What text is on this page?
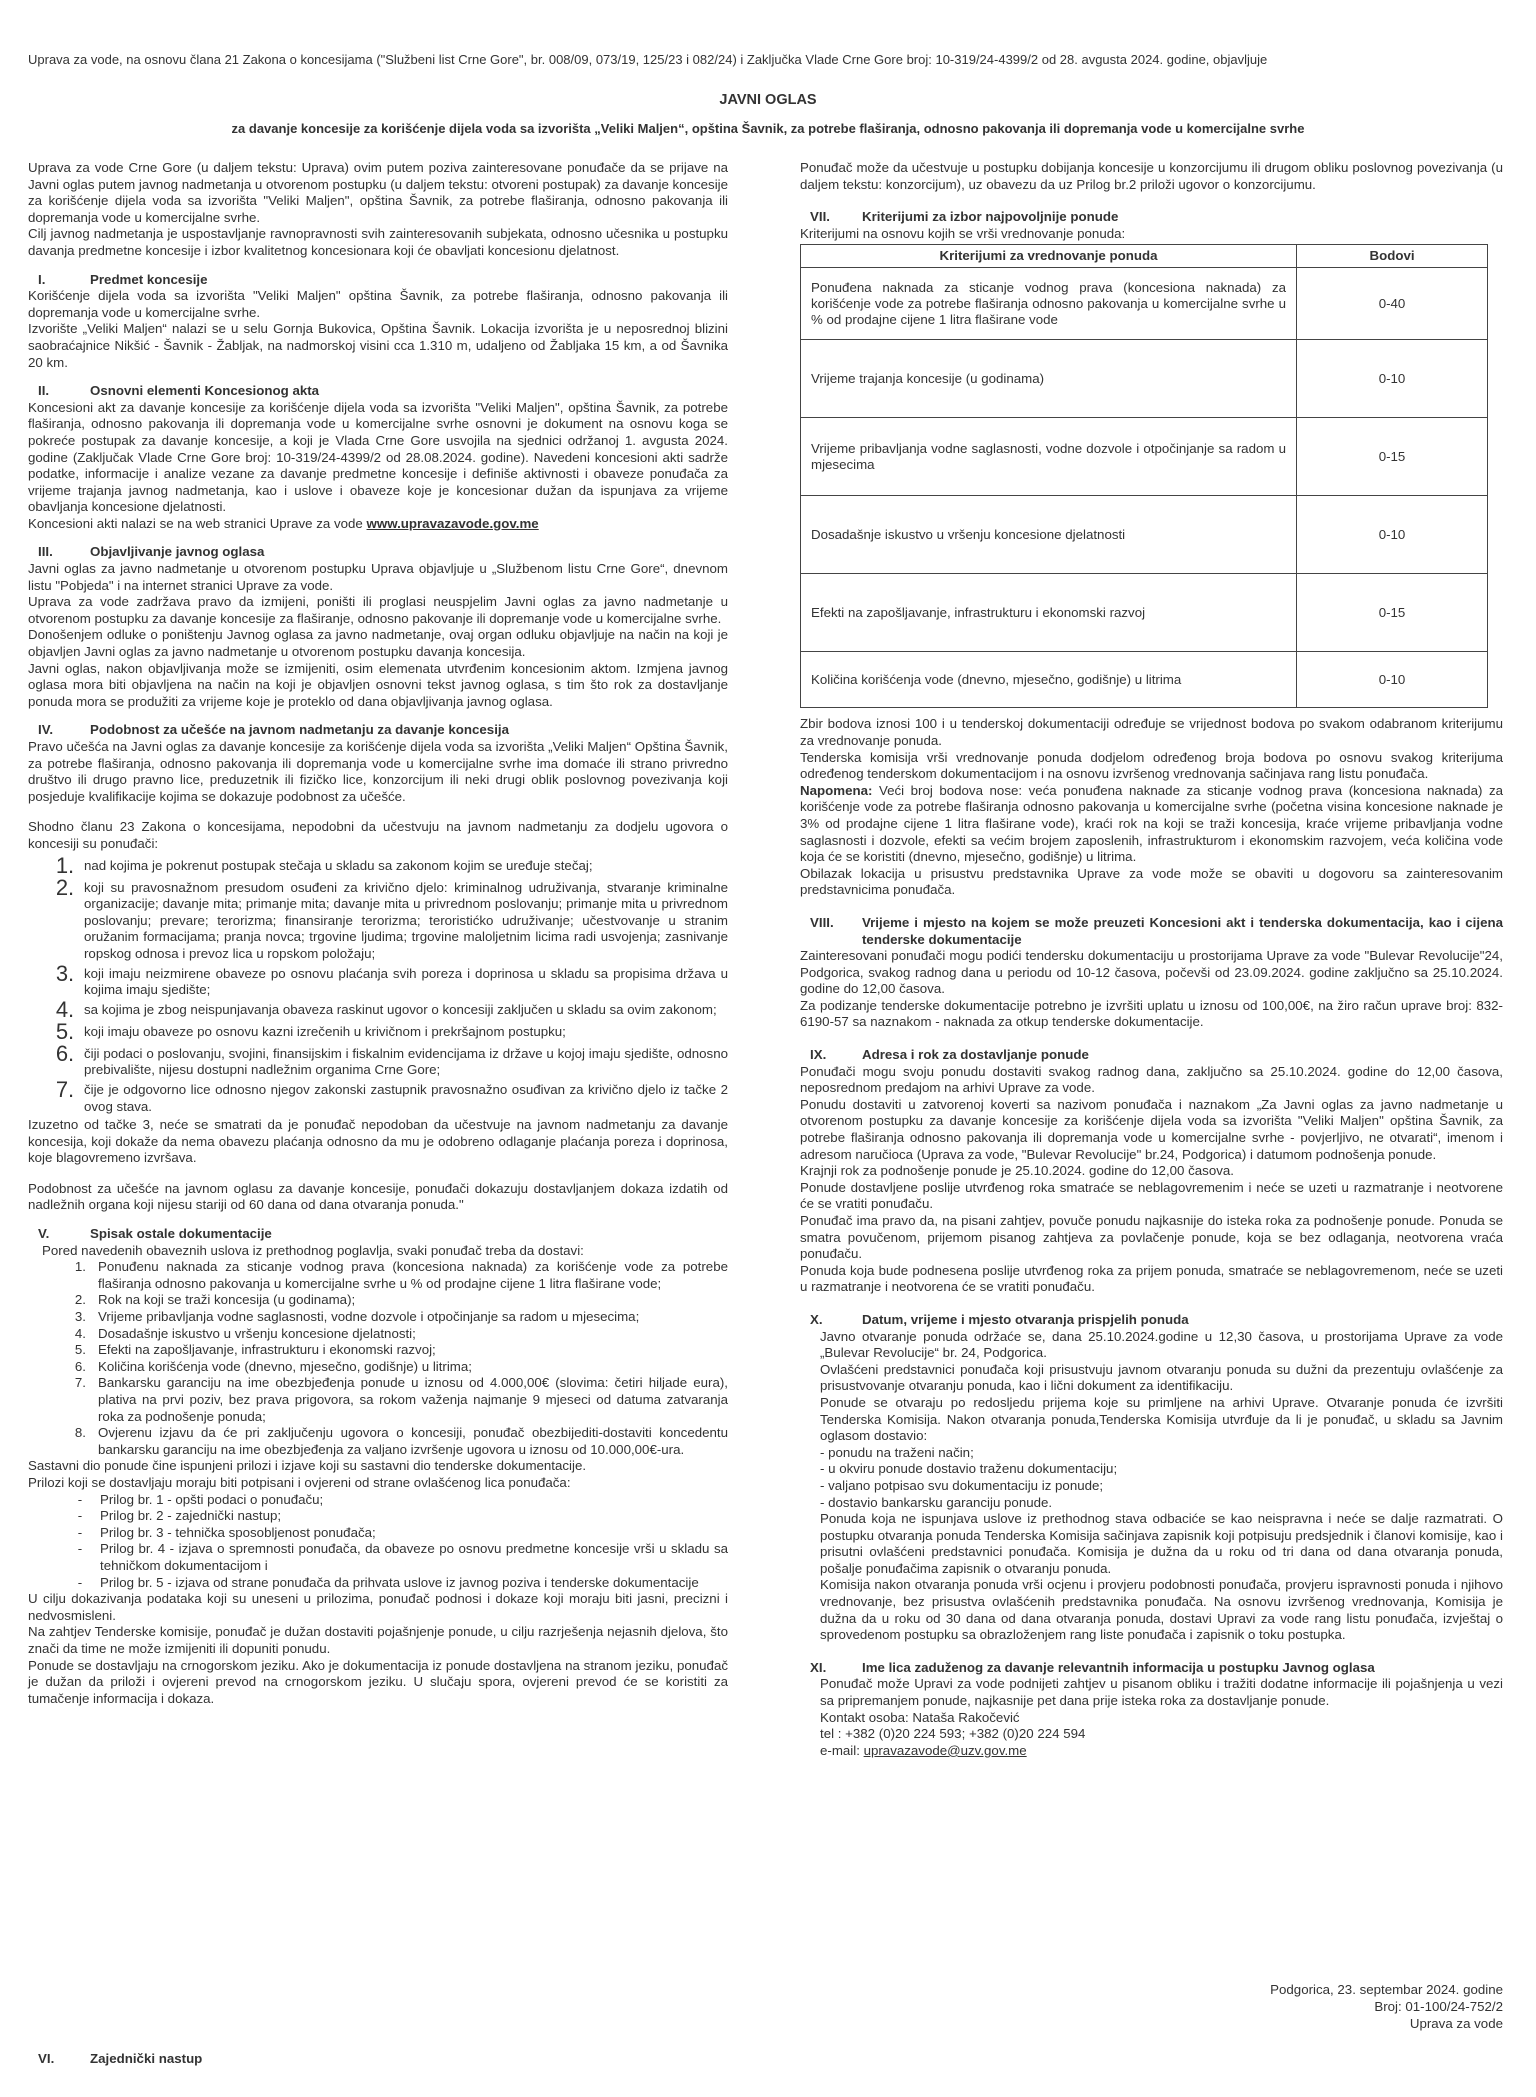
Uprava za vode, na osnovu člana 21 Zakona o koncesijama ("Službeni list Crne Gore", br. 008/09, 073/19, 125/23 i 082/24) i Zaključka Vlade Crne Gore broj: 10-319/24-4399/2 od 28. avgusta 2024. godine, objavljuje

JAVNI OGLAS
za davanje koncesije za korišćenje dijela voda sa izvorišta „Veliki Maljen“, opština Šavnik, za potrebe flaširanja, odnosno pakovanja ili dopremanja vode u komercijalne svrhe

Uprava za vode Crne Gore (u daljem tekstu: Uprava) ovim putem poziva zainteresovane ponuđače da se prijave na Javni oglas putem javnog nadmetanja u otvorenom postupku (u daljem tekstu: otvoreni postupak) za davanje koncesije za korišćenje dijela voda sa izvorišta "Veliki Maljen", opština Šavnik, za potrebe flaširanja, odnosno pakovanja ili dopremanja vode u komercijalne svrhe.

Cilj javnog nadmetanja je uspostavljanje ravnopravnosti svih zainteresovanih subjekata, odnosno učesnika u postupku davanja predmetne koncesije i izbor kvalitetnog koncesionara koji će obavljati koncesionu djelatnost.

I.	Predmet koncesije

Korišćenje dijela voda sa izvorišta "Veliki Maljen" opština Šavnik, za potrebe flaširanja, odnosno pakovanja ili dopremanja vode u komercijalne svrhe.

Izvorište „Veliki Maljen“ nalazi se u selu Gornja Bukovica, Opština Šavnik. Lokacija izvorišta je u neposrednoj blizini saobraćajnice Nikšić - Šavnik - Žabljak, na nadmorskoj visini cca 1.310 m, udaljeno od Žabljaka 15 km, a od Šavnika 20 km.

II.	Osnovni elementi Koncesionog akta

Koncesioni akt za davanje koncesije za korišćenje dijela voda sa izvorišta "Veliki Maljen", opština Šavnik, za potrebe flaširanja, odnosno pakovanja ili dopremanja vode u komercijalne svrhe osnovni je dokument na osnovu koga se pokreće postupak za davanje koncesije, a koji je Vlada Crne Gore usvojila na sjednici održanoj 1. avgusta 2024. godine (Zaključak Vlade Crne Gore broj: 10-319/24-4399/2 od 28.08.2024. godine). Navedeni koncesioni akti sadrže podatke, informacije i analize vezane za davanje predmetne koncesije i definiše aktivnosti i obaveze ponuđača za vrijeme trajanja javnog nadmetanja, kao i uslove i obaveze koje je koncesionar dužan da ispunjava za vrijeme obavljanja koncesione djelatnosti.

Koncesioni akti nalazi se na web stranici Uprave za vode www.upravazavode.gov.me

III.	Objavljivanje javnog oglasa

Javni oglas za javno nadmetanje u otvorenom postupku Uprava objavljuje u „Službenom listu Crne Gore“, dnevnom listu "Pobjeda" i na internet stranici Uprave za vode.

Uprava za vode zadržava pravo da izmijeni, poništi ili proglasi neuspjelim Javni oglas za javno nadmetanje u otvorenom postupku za davanje koncesije za flaširanje, odnosno pakovanje ili dopremanje vode u komercijalne svrhe.

Donošenjem odluke o poništenju Javnog oglasa za javno nadmetanje, ovaj organ odluku objavljuje na način na koji je objavljen Javni oglas za javno nadmetanje u otvorenom postupku davanja koncesija.

Javni oglas, nakon objavljivanja može se izmijeniti, osim elemenata utvrđenim koncesionim aktom. Izmjena javnog oglasa mora biti objavljena na način na koji je objavljen osnovni tekst javnog oglasa, s tim što rok za dostavljanje ponuda mora se produžiti za vrijeme koje je proteklo od dana objavljivanja javnog oglasa.

IV.	Podobnost za učešće na javnom nadmetanju za davanje koncesija

Pravo učešća na Javni oglas za davanje koncesije za korišćenje dijela voda sa izvorišta „Veliki Maljen“ Opština Šavnik, za potrebe flaširanja, odnosno pakovanja ili dopremanja vode u komercijalne svrhe ima domaće ili strano privredno društvo ili drugo pravno lice, preduzetnik ili fizičko lice, konzorcijum ili neki drugi oblik poslovnog povezivanja koji posjeduje kvalifikacije kojima se dokazuje podobnost za učešće.

Shodno članu 23 Zakona o koncesijama, nepodobni da učestvuju na javnom nadmetanju za dodjelu ugovora o koncesiji su ponuđači:

1. nad kojima je pokrenut postupak stečaja u skladu sa zakonom kojim se uređuje stečaj;
2. koji su pravosnažnom presudom osuđeni za krivično djelo: kriminalnog udruživanja, stvaranje kriminalne organizacije; davanje mita; primanje mita; davanje mita u privrednom poslovanju; primanje mita u privrednom poslovanju; prevare; terorizma; finansiranje terorizma; teroristićko udruživanje; učestvovanje u stranim oružanim formacijama; pranja novca; trgovine ljudima; trgovine maloljetnim licima radi usvojenja; zasnivanje ropskog odnosa i prevoz lica u ropskom položaju;
3. koji imaju neizmirene obaveze po osnovu plaćanja svih poreza i doprinosa u skladu sa propisima država u kojima imaju sjedište;
4. sa kojima je zbog neispunjavanja obaveza raskinut ugovor o koncesiji zaključen u skladu sa ovim zakonom;
5. koji imaju obaveze po osnovu kazni izrečenih u krivičnom i prekršajnom postupku;
6. čiji podaci o poslovanju, svojini, finansijskim i fiskalnim evidencijama iz države u kojoj imaju sjedište, odnosno prebivalište, nijesu dostupni nadležnim organima Crne Gore;
7. čije je odgovorno lice odnosno njegov zakonski zastupnik pravosnažno osuđivan za krivično djelo iz tačke 2 ovog stava.

Izuzetno od tačke 3, neće se smatrati da je ponuđač nepodoban da učestvuje na javnom nadmetanju za davanje koncesija, koji dokaže da nema obavezu plaćanja odnosno da mu je odobreno odlaganje plaćanja poreza i doprinosa, koje blagovremeno izvršava.

Podobnost za učešće na javnom oglasu za davanje koncesije, ponuđači dokazuju dostavljanjem dokaza izdatih od nadležnih organa koji nijesu stariji od 60 dana od dana otvaranja ponuda."

V.	Spisak ostale dokumentacije

Pored navedenih obaveznih uslova iz prethodnog poglavlja, svaki ponuđač treba da dostavi:

1. Ponuđenu naknada za sticanje vodnog prava (koncesiona naknada) za korišćenje vode za potrebe flaširanja odnosno pakovanja u komercijalne svrhe u % od prodajne cijene 1 litra flaširane vode;
2. Rok na koji se traži koncesija (u godinama);
3. Vrijeme pribavljanja vodne saglasnosti, vodne dozvole i otpočinjanje sa radom u mjesecima;
4. Dosadašnje iskustvo u vršenju koncesione djelatnosti;
5. Efekti na zapošljavanje, infrastrukturu i ekonomski razvoj;
6. Količina korišćenja vode (dnevno, mjesečno, godišnje) u litrima;
7. Bankarsku garanciju na ime obezbjeđenja ponude u iznosu od 4.000,00€ (slovima: četiri hiljade eura), plativa na prvi poziv, bez prava prigovora, sa rokom važenja najmanje 9 mjeseci od datuma zatvaranja roka za podnošenje ponuda;
8. Ovjerenu izjavu da će pri zaključenju ugovora o koncesiji, ponuđač obezbijediti-dostaviti koncedentu bankarsku garanciju na ime obezbjeđenja za valjano izvršenje ugovora u iznosu od 10.000,00€-ura.

Sastavni dio ponude čine ispunjeni prilozi i izjave koji su sastavni dio tenderske dokumentacije.

Prilozi koji se dostavljaju moraju biti potpisani i ovjereni od strane ovlašćenog lica ponuđača:

-	Prilog br. 1 - opšti podaci o ponuđaču;
-	Prilog br. 2 - zajednički nastup;
-	Prilog br. 3 - tehnička sposobljenost ponuđača;
-	Prilog br. 4 - izjava o spremnosti ponuđača, da obaveze po osnovu predmetne koncesije vrši u skladu sa tehničkom dokumentacijom i
-	Prilog br. 5 - izjava od strane ponuđača da prihvata uslove iz javnog poziva i tenderske dokumentacije

U cilju dokazivanja podataka koji su uneseni u prilozima, ponuđač podnosi i dokaze koji moraju biti jasni, precizni i nedvosmisleni.

Na zahtjev Tenderske komisije, ponuđač je dužan dostaviti pojašnjenje ponude, u cilju razrješenja nejasnih djelova, što znači da time ne može izmijeniti ili dopuniti ponudu.

Ponude se dostavljaju na crnogorskom jeziku. Ako je dokumentacija iz ponude dostavljena na stranom jeziku, ponuđač je dužan da priloži i ovjereni prevod na crnogorskom jeziku. U slučaju spora, ovjereni prevod će se koristiti za tumačenje informacija i dokaza.

VI.	Zajednički nastup

Ponuđač može da učestvuje u postupku dobijanja koncesije u konzorcijumu ili drugom obliku poslovnog povezivanja (u daljem tekstu: konzorcijum), uz obavezu da uz Prilog br.2 priloži ugovor o konzorcijumu.

VII.	Kriterijumi za izbor najpovoljnije ponude

Kriterijumi na osnovu kojih se vrši vrednovanje ponuda:

Kriterijumi za vrednovanje ponuda	Bodovi
Ponuđena naknada za sticanje vodnog prava (koncesiona naknada) za korišćenje vode za potrebe flaširanja odnosno pakovanja u komercijalne svrhe u % od prodajne cijene 1 litra flaširane vode	0-40
Vrijeme trajanja koncesije (u godinama)	0-10
Vrijeme pribavljanja vodne saglasnosti, vodne dozvole i otpočinjanje sa radom u mjesecima	0-15
Dosadašnje iskustvo u vršenju koncesione djelatnosti	0-10
Efekti na zapošljavanje, infrastrukturu i ekonomski razvoj	0-15
Količina korišćenja vode (dnevno, mjesečno, godišnje) u litrima	0-10

Zbir bodova iznosi 100 i u tenderskoj dokumentaciji određuje se vrijednost bodova po svakom odabranom kriterijumu za vrednovanje ponuda.

Tenderska komisija vrši vrednovanje ponuda dodjelom određenog broja bodova po osnovu svakog kriterijuma određenog tenderskom dokumentacijom i na osnovu izvršenog vrednovanja sačinjava rang listu ponuđača.

Napomena: Veći broj bodova nose: veća ponuđena naknade za sticanje vodnog prava (koncesiona naknada) za korišćenje vode za potrebe flaširanja odnosno pakovanja u komercijalne svrhe (početna visina koncesione naknade je 3% od prodajne cijene 1 litra flaširane vode), kraći rok na koji se traži koncesija, kraće vrijeme pribavljanja vodne saglasnosti i dozvole, efekti sa većim brojem zaposlenih, infrastrukturom i ekonomskim razvojem, veća količina vode koja će se koristiti (dnevno, mjesečno, godišnje) u litrima.

Obilazak lokacija u prisustvu predstavnika Uprave za vode može se obaviti u dogovoru sa zainteresovanim predstavnicima ponuđača.

VIII.	Vrijeme i mjesto na kojem se može preuzeti Koncesioni akt i tenderska dokumentacija, kao i cijena tenderske dokumentacije

Zainteresovani ponuđači mogu podići tendersku dokumentaciju u prostorijama Uprave za vode "Bulevar Revolucije"24, Podgorica, svakog radnog dana u periodu od 10-12 časova, počevši od 23.09.2024. godine zaključno sa 25.10.2024. godine do 12,00 časova.

Za podizanje tenderske dokumentacije potrebno je izvršiti uplatu u iznosu od 100,00€, na žiro račun uprave broj: 832-6190-57 sa naznakom - naknada za otkup tenderske dokumentacije.

IX.	Adresa i rok za dostavljanje ponude

Ponuđači mogu svoju ponudu dostaviti svakog radnog dana, zaključno sa 25.10.2024. godine do 12,00 časova, neposrednom predajom na arhivi Uprave za vode.

Ponudu dostaviti u zatvorenoj koverti sa nazivom ponuđača i naznakom „Za Javni oglas za javno nadmetanje u otvorenom postupku za davanje koncesije za korišćenje dijela voda sa izvorišta "Veliki Maljen" opština Šavnik, za potrebe flaširanja odnosno pakovanja ili dopremanja vode u komercijalne svrhe - povjerljivo, ne otvarati“, imenom i adresom naručioca (Uprava za vode, "Bulevar Revolucije" br.24, Podgorica) i datumom podnošenja ponude.

Krajnji rok za podnošenje ponude je 25.10.2024. godine do 12,00 časova.

Ponude dostavljene poslije utvrđenog roka smatraće se neblagovremenim i neće se uzeti u razmatranje i neotvorene će se vratiti ponuđaču.

Ponuđač ima pravo da, na pisani zahtjev, povuče ponudu najkasnije do isteka roka za podnošenje ponude. Ponuda se smatra povučenom, prijemom pisanog zahtjeva za povlačenje ponude, koja se bez odlaganja, neotvorena vraća ponuđaču.

Ponuda koja bude podnesena poslije utvrđenog roka za prijem ponuda, smatraće se neblagovremenom, neće se uzeti u razmatranje i neotvorena će se vratiti ponuđaču.

X.	Datum, vrijeme i mjesto otvaranja prispjelih ponuda

Javno otvaranje ponuda održaće se, dana 25.10.2024.godine u 12,30 časova, u prostorijama Uprave za vode „Bulevar Revolucije“ br. 24, Podgorica.

Ovlašćeni predstavnici ponuđača koji prisustvuju javnom otvaranju ponuda su dužni da prezentuju ovlašćenje za prisustvovanje otvaranju ponuda, kao i lični dokument za identifikaciju.

Ponude se otvaraju po redosljedu prijema koje su primljene na arhivi Uprave. Otvaranje ponuda će izvršiti Tenderska Komisija. Nakon otvaranja ponuda,Tenderska Komisija utvrđuje da li je ponuđač, u skladu sa Javnim oglasom dostavio:

- ponudu na traženi način;

- u okviru ponude dostavio traženu dokumentaciju;

- valjano potpisao svu dokumentaciju iz ponude;

- dostavio bankarsku garanciju ponude.

Ponuda koja ne ispunjava uslove iz prethodnog stava odbaciće se kao neispravna i neće se dalje razmatrati. O postupku otvaranja ponuda Tenderska Komisija sačinjava zapisnik koji potpisuju predsjednik i članovi komisije, kao i prisutni ovlašćeni predstavnici ponuđača. Komisija je dužna da u roku od tri dana od dana otvaranja ponuda, pošalje ponuđačima zapisnik o otvaranju ponuda.

Komisija nakon otvaranja ponuda vrši ocjenu i provjeru podobnosti ponuđača, provjeru ispravnosti ponuda i njihovo vrednovanje, bez prisustva ovlašćenih predstavnika ponuđača. Na osnovu izvršenog vrednovanja, Komisija je dužna da u roku od 30 dana od dana otvaranja ponuda, dostavi Upravi za vode rang listu ponuđača, izvještaj o sprovedenom postupku sa obrazloženjem rang liste ponuđača i zapisnik o toku postupka.

XI.	Ime lica zaduženog za davanje relevantnih informacija u postupku Javnog oglasa

Ponuđač može Upravi za vode podnijeti zahtjev u pisanom obliku i tražiti dodatne informacije ili pojašnjenja u vezi sa pripremanjem ponude, najkasnije pet dana prije isteka roka za dostavljanje ponude.

Kontakt osoba: Nataša Rakočević

tel : +382 (0)20 224 593; +382 (0)20 224 594

e-mail: upravazavode@uzv.gov.me

Podgorica, 23. septembar 2024. godine
Broj: 01-100/24-752/2
Uprava za vode
